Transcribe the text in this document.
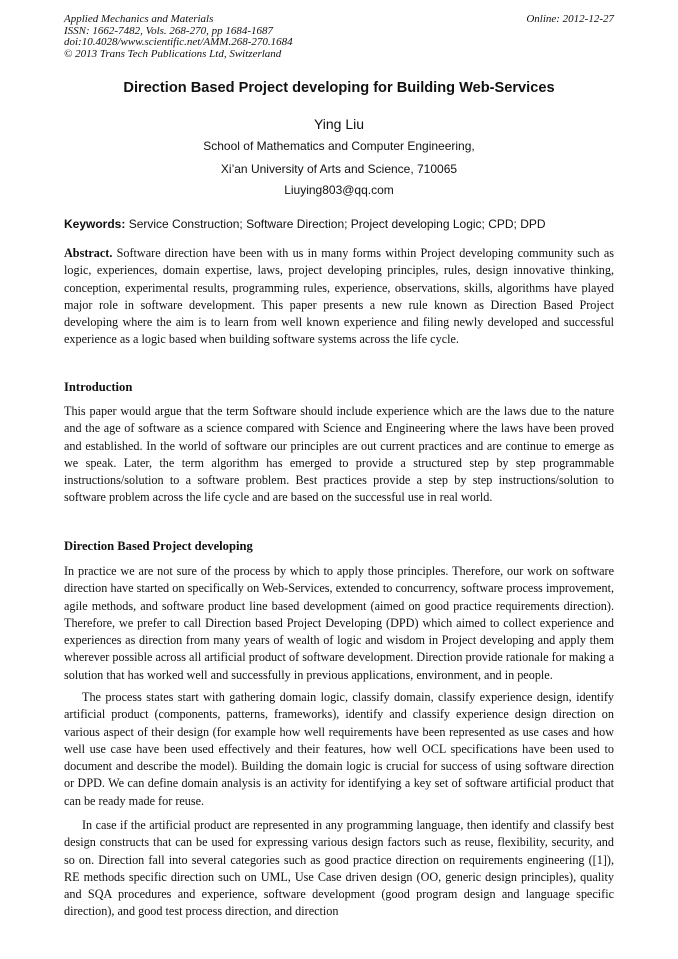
Applied Mechanics and Materials
ISSN: 1662-7482, Vols. 268-270, pp 1684-1687
doi:10.4028/www.scientific.net/AMM.268-270.1684
© 2013 Trans Tech Publications Ltd, Switzerland
Online: 2012-12-27
Direction Based Project developing for Building Web-Services
Ying Liu
School of Mathematics and Computer Engineering,
Xi’an University of Arts and Science, 710065
Liuying803@qq.com
Keywords: Service Construction; Software Direction; Project developing Logic; CPD; DPD
Abstract. Software direction have been with us in many forms within Project developing community such as logic, experiences, domain expertise, laws, project developing principles, rules, design innovative thinking, conception, experimental results, programming rules, experience, observations, skills, algorithms have played major role in software development. This paper presents a new rule known as Direction Based Project developing where the aim is to learn from well known experience and filing newly developed and successful experience as a logic based when building software systems across the life cycle.
Introduction
This paper would argue that the term Software should include experience which are the laws due to the nature and the age of software as a science compared with Science and Engineering where the laws have been proved and established. In the world of software our principles are out current practices and are continue to emerge as we speak. Later, the term algorithm has emerged to provide a structured step by step programmable instructions/solution to a software problem. Best practices provide a step by step instructions/solution to software problem across the life cycle and are based on the successful use in real world.
Direction Based Project developing
In practice we are not sure of the process by which to apply those principles. Therefore, our work on software direction have started on specifically on Web-Services, extended to concurrency, software process improvement, agile methods, and software product line based development (aimed on good practice requirements direction). Therefore, we prefer to call Direction based Project Developing (DPD) which aimed to collect experience and experiences as direction from many years of wealth of logic and wisdom in Project developing and apply them wherever possible across all artificial product of software development. Direction provide rationale for making a solution that has worked well and successfully in previous applications, environment, and in people.
The process states start with gathering domain logic, classify domain, classify experience design, identify artificial product (components, patterns, frameworks), identify and classify experience design direction on various aspect of their design (for example how well requirements have been represented as use cases and how well use case have been used effectively and their features, how well OCL specifications have been used to document and describe the model). Building the domain logic is crucial for success of using software direction or DPD. We can define domain analysis is an activity for identifying a key set of software artificial product that can be ready made for reuse.
In case if the artificial product are represented in any programming language, then identify and classify best design constructs that can be used for expressing various design factors such as reuse, flexibility, security, and so on. Direction fall into several categories such as good practice direction on requirements engineering ([1]), RE methods specific direction such on UML, Use Case driven design (OO, generic design principles), quality and SQA procedures and experience, software development (good program design and language specific direction), and good test process direction, and direction
